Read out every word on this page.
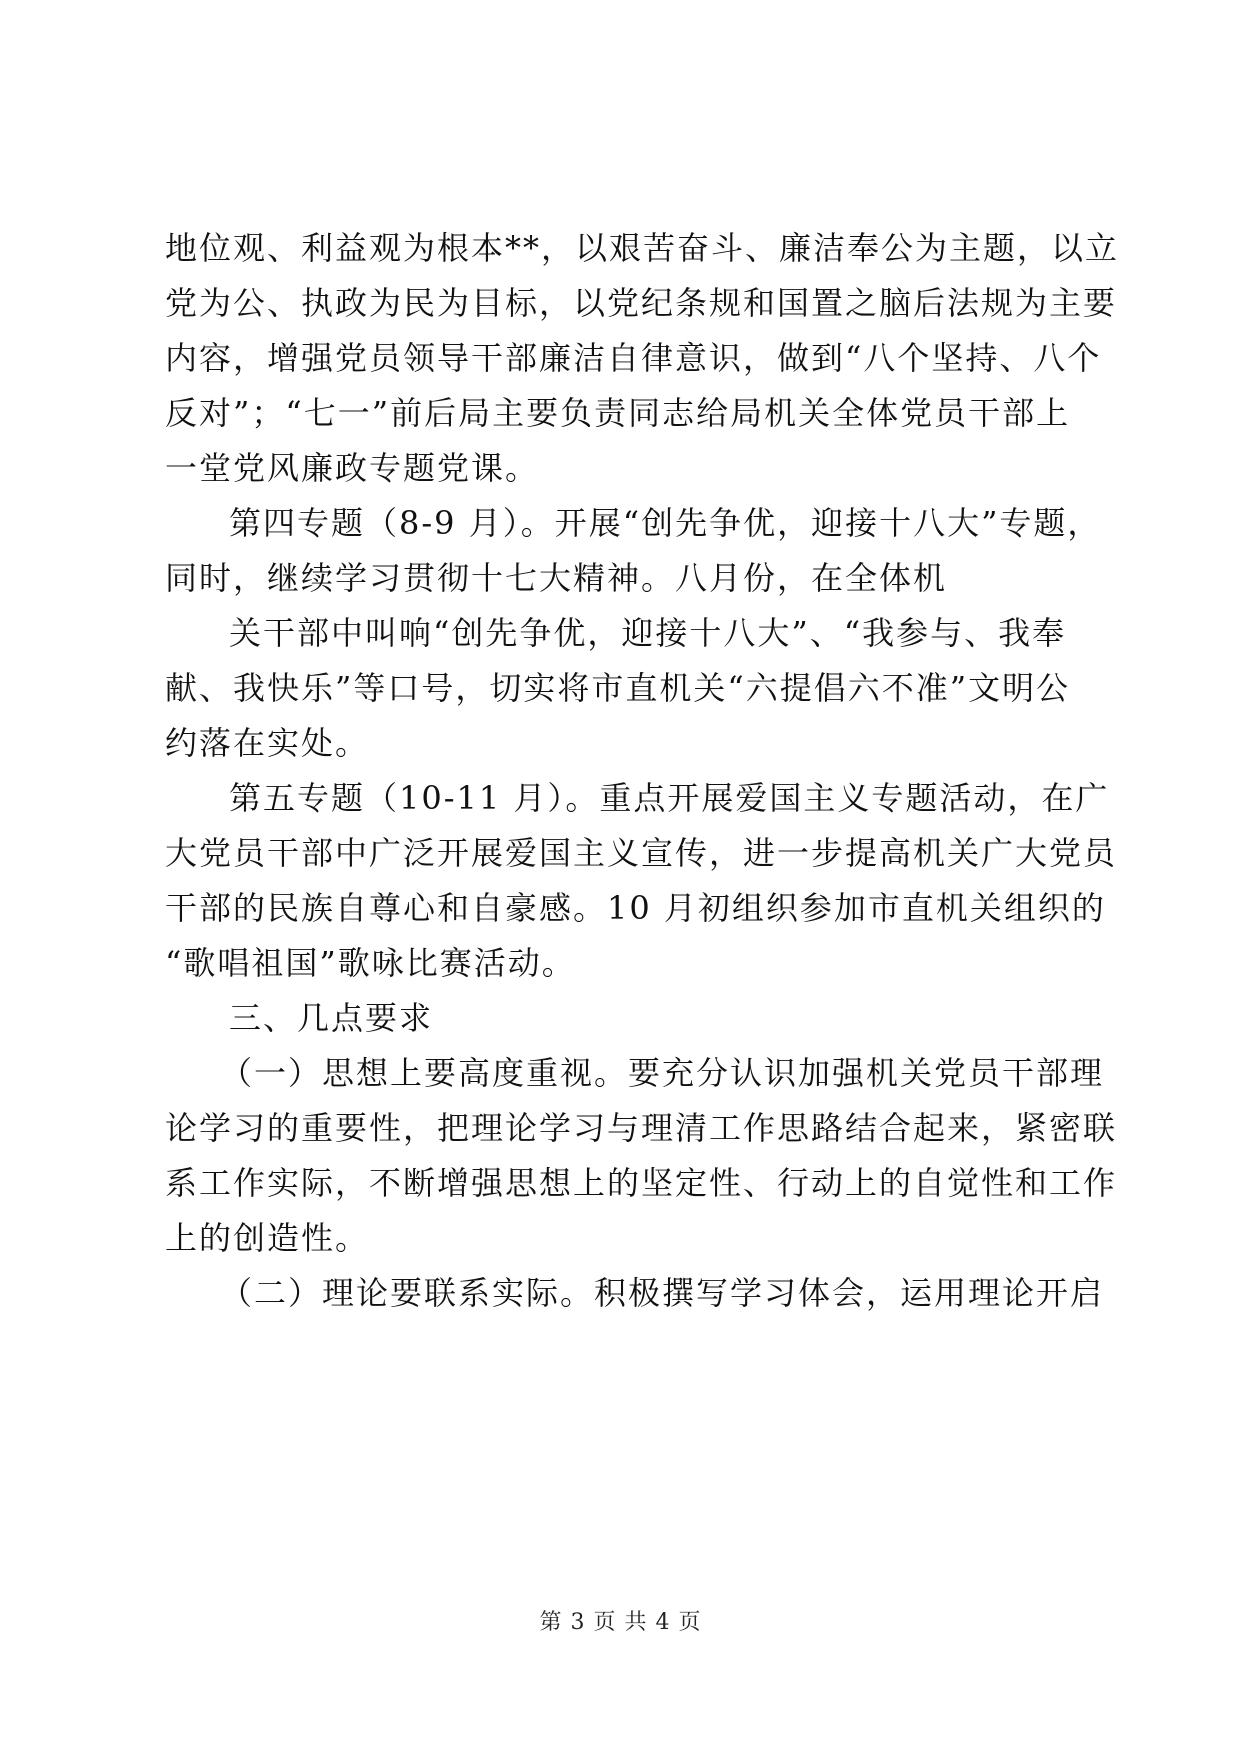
地位观、利益观为根本**，以艰苦奋斗、廉洁奉公为主题，以立
党为公、执政为民为目标，以党纪条规和国置之脑后法规为主要
内容，增强党员领导干部廉洁自律意识，做到“八个坚持、八个
反对”；“七一”前后局主要负责同志给局机关全体党员干部上
一堂党风廉政专题党课。
第四专题（8-9 月）。开展“创先争优，迎接十八大”专题，
同时，继续学习贯彻十七大精神。八月份，在全体机
关干部中叫响“创先争优，迎接十八大”、“我参与、我奉
献、我快乐”等口号，切实将市直机关“六提倡六不准”文明公
约落在实处。
第五专题（10-11 月）。重点开展爱国主义专题活动，在广
大党员干部中广泛开展爱国主义宣传，进一步提高机关广大党员
干部的民族自尊心和自豪感。10 月初组织参加市直机关组织的
“歌唱祖国”歌咏比赛活动。
三、几点要求
（一）思想上要高度重视。要充分认识加强机关党员干部理
论学习的重要性，把理论学习与理清工作思路结合起来，紧密联
系工作实际，不断增强思想上的坚定性、行动上的自觉性和工作
上的创造性。
（二）理论要联系实际。积极撰写学习体会，运用理论开启
第 3 页 共 4 页
